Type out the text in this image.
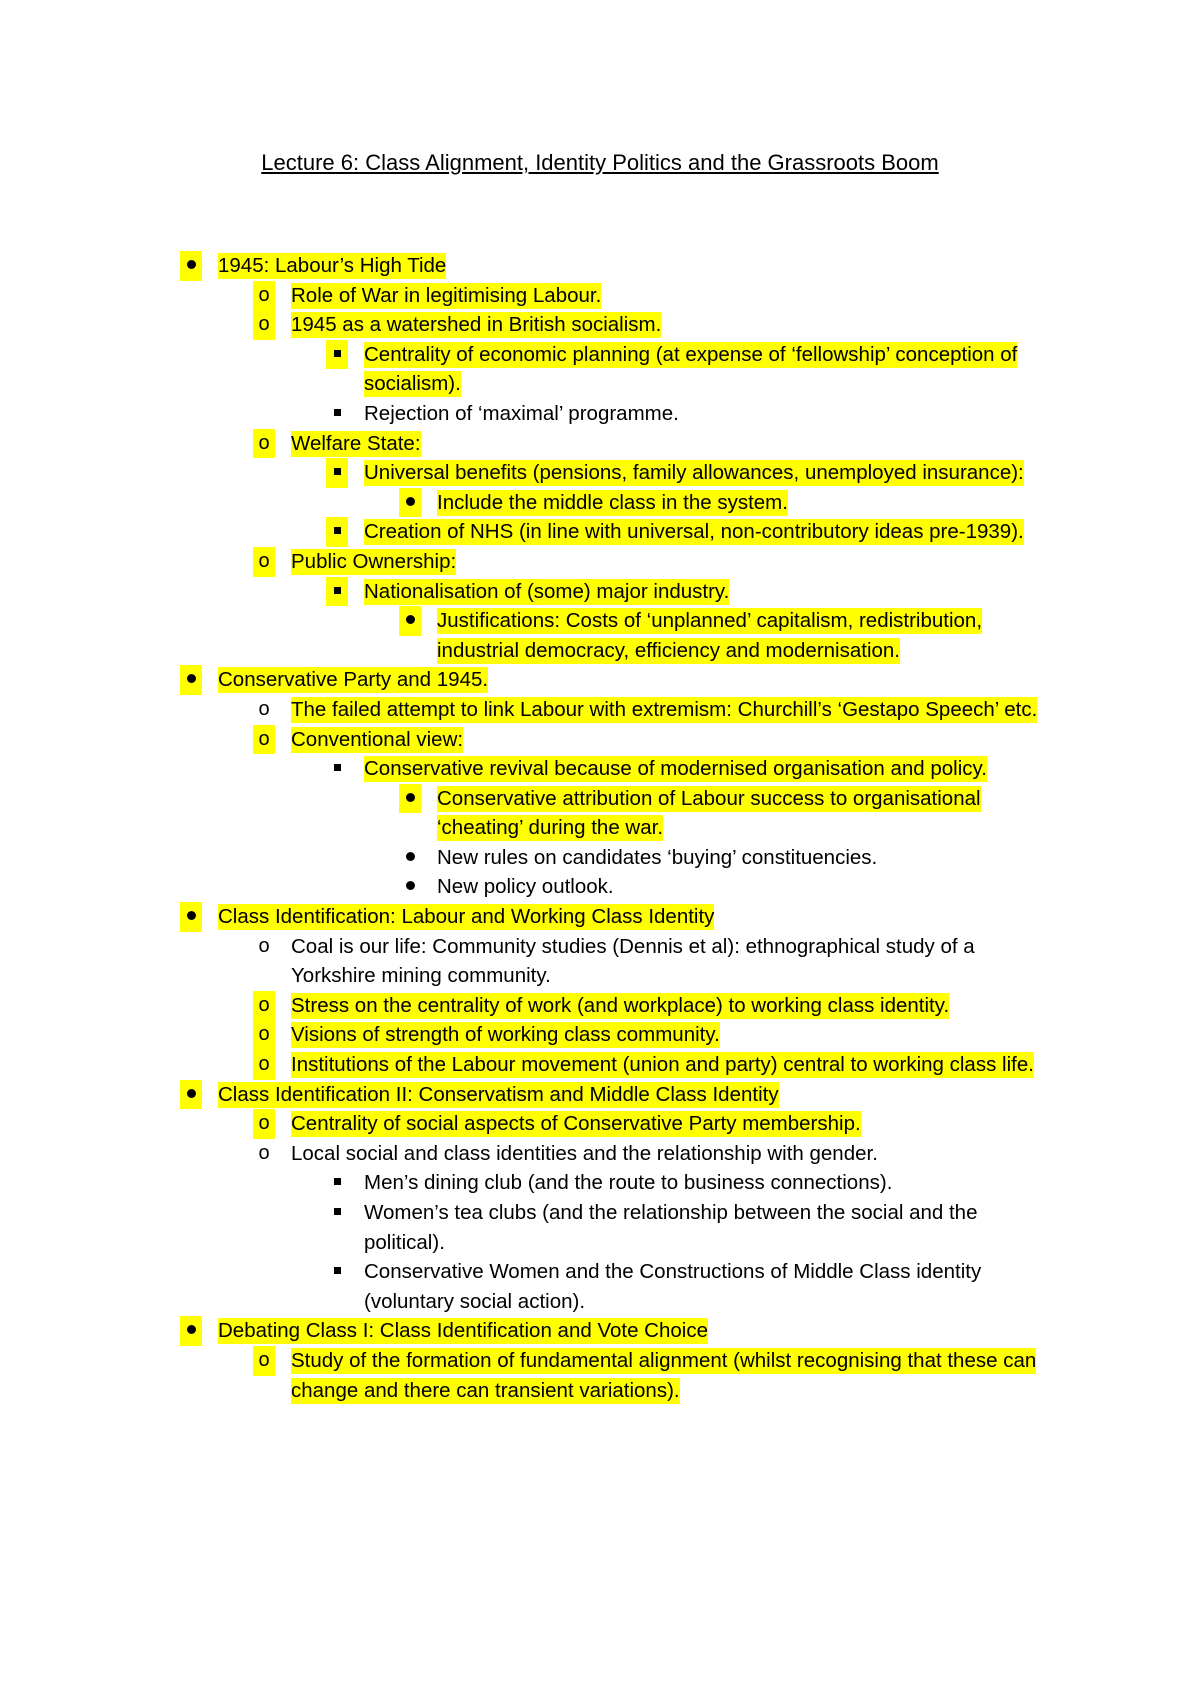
Lecture 6: Class Alignment, Identity Politics and the Grassroots Boom
1945: Labour’s High Tide
o Role of War in legitimising Labour.
o 1945 as a watershed in British socialism.
Centrality of economic planning (at expense of ‘fellowship’ conception of socialism).
Rejection of ‘maximal’ programme.
o Welfare State:
Universal benefits (pensions, family allowances, unemployed insurance):
Include the middle class in the system.
Creation of NHS (in line with universal, non-contributory ideas pre-1939).
o Public Ownership:
Nationalisation of (some) major industry.
Justifications: Costs of ‘unplanned’ capitalism, redistribution, industrial democracy, efficiency and modernisation.
Conservative Party and 1945.
o The failed attempt to link Labour with extremism: Churchill’s ‘Gestapo Speech’ etc.
o Conventional view:
Conservative revival because of modernised organisation and policy.
Conservative attribution of Labour success to organisational ‘cheating’ during the war.
New rules on candidates ‘buying’ constituencies.
New policy outlook.
Class Identification: Labour and Working Class Identity
o Coal is our life: Community studies (Dennis et al): ethnographical study of a Yorkshire mining community.
o Stress on the centrality of work (and workplace) to working class identity.
o Visions of strength of working class community.
o Institutions of the Labour movement (union and party) central to working class life.
Class Identification II: Conservatism and Middle Class Identity
o Centrality of social aspects of Conservative Party membership.
o Local social and class identities and the relationship with gender.
Men’s dining club (and the route to business connections).
Women’s tea clubs (and the relationship between the social and the political).
Conservative Women and the Constructions of Middle Class identity (voluntary social action).
Debating Class I: Class Identification and Vote Choice
o Study of the formation of fundamental alignment (whilst recognising that these can change and there can transient variations).
